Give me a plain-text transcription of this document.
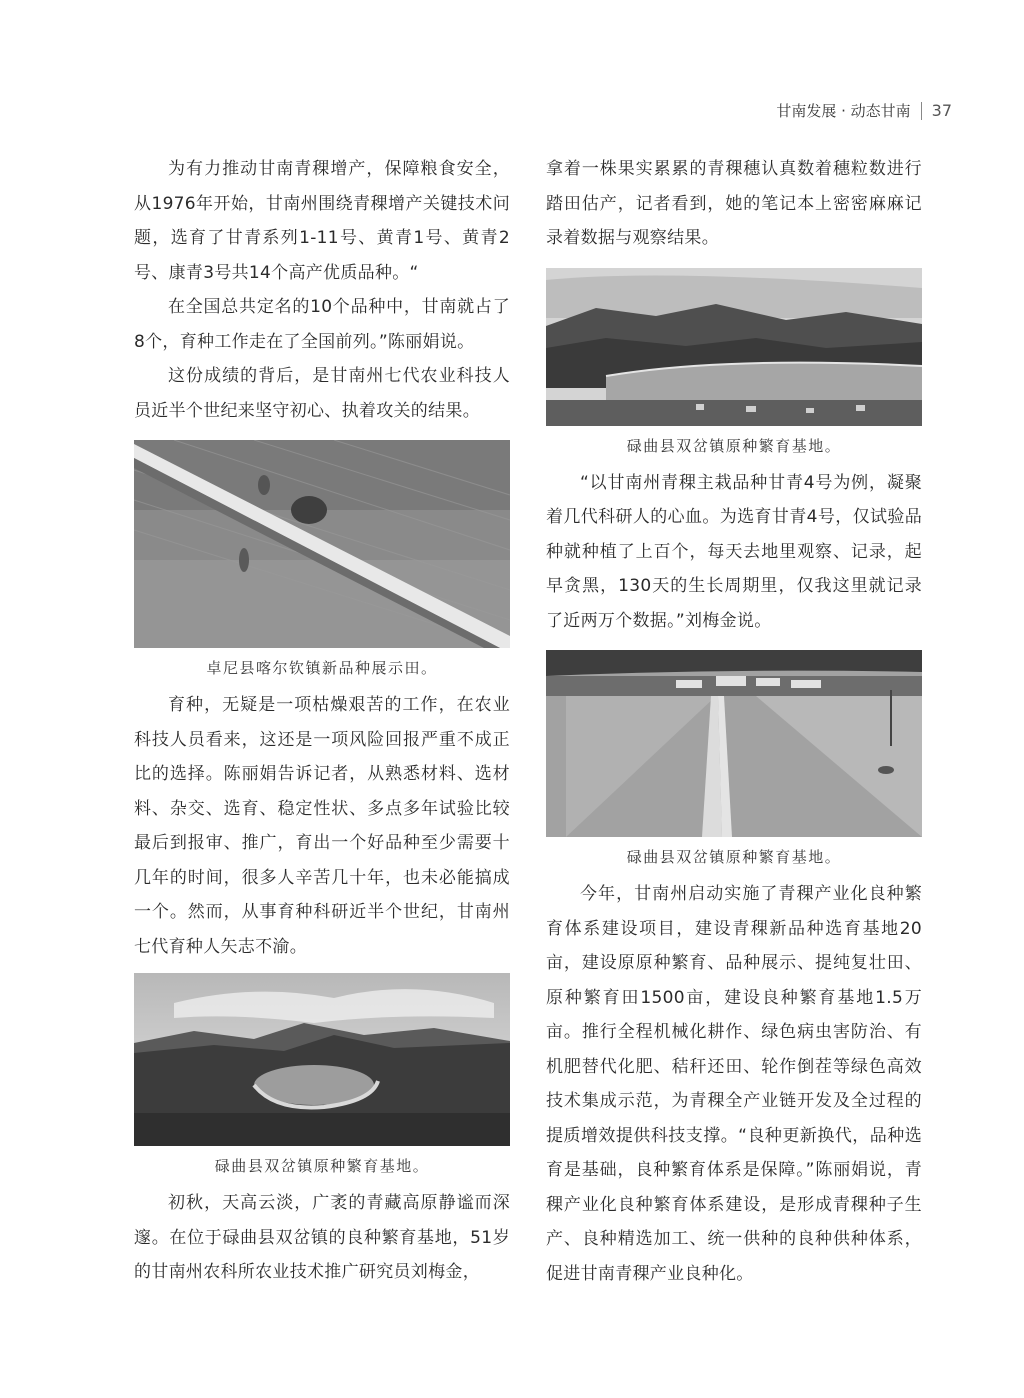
甘南发展 · 动态甘南 37

为有力推动甘南青稞增产，保障粮食安全，从1976年开始，甘南州围绕青稞增产关键技术问题，选育了甘青系列1-11号、黄青1号、黄青2号、康青3号共14个高产优质品种。“

在全国总共定名的10个品种中，甘南就占了8个，育种工作走在了全国前列。”陈丽娟说。

这份成绩的背后，是甘南州七代农业科技人员近半个世纪来坚守初心、执着攻关的结果。

卓尼县喀尔钦镇新品种展示田。

育种，无疑是一项枯燥艰苦的工作，在农业科技人员看来，这还是一项风险回报严重不成正比的选择。陈丽娟告诉记者，从熟悉材料、选材料、杂交、选育、稳定性状、多点多年试验比较最后到报审、推广，育出一个好品种至少需要十几年的时间，很多人辛苦几十年，也未必能搞成一个。然而，从事育种科研近半个世纪，甘南州七代育种人矢志不渝。

碌曲县双岔镇原种繁育基地。

初秋，天高云淡，广袤的青藏高原静谧而深邃。在位于碌曲县双岔镇的良种繁育基地，51岁的甘南州农科所农业技术推广研究员刘梅金，

拿着一株果实累累的青稞穗认真数着穗粒数进行踏田估产，记者看到，她的笔记本上密密麻麻记录着数据与观察结果。

碌曲县双岔镇原种繁育基地。

“以甘南州青稞主栽品种甘青4号为例，凝聚着几代科研人的心血。为选育甘青4号，仅试验品种就种植了上百个，每天去地里观察、记录，起早贪黑，130天的生长周期里，仅我这里就记录了近两万个数据。”刘梅金说。

碌曲县双岔镇原种繁育基地。

今年，甘南州启动实施了青稞产业化良种繁育体系建设项目，建设青稞新品种选育基地20亩，建设原原种繁育、品种展示、提纯复壮田、原种繁育田1500亩，建设良种繁育基地1.5万亩。推行全程机械化耕作、绿色病虫害防治、有机肥替代化肥、秸秆还田、轮作倒茬等绿色高效技术集成示范，为青稞全产业链开发及全过程的提质增效提供科技支撑。“良种更新换代，品种选育是基础，良种繁育体系是保障。”陈丽娟说，青稞产业化良种繁育体系建设，是形成青稞种子生产、良种精选加工、统一供种的良种供种体系，促进甘南青稞产业良种化。
